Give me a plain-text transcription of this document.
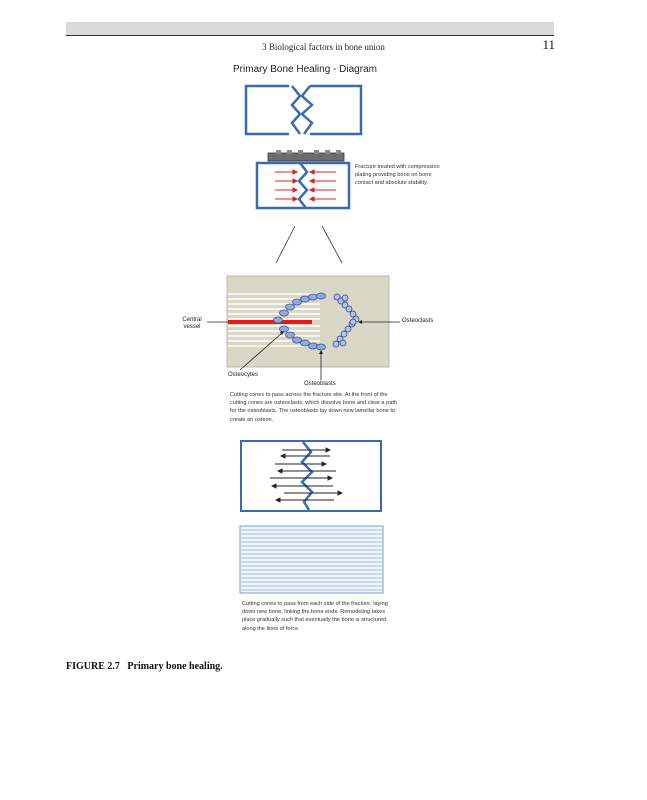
3 Biological factors in bone union	11
Primary Bone Healing - Diagram
Fracture treated with compression plating providing bone on bone contact and absolute stability.
Central vessel
Osteoclasts
Osteocytes
Osteoblasts
Cutting cones to pass across the fracture site. At the front of the cutting cones are osteoclasts, which dissolve bone and clear a path for the osteoblasts. The osteoblasts lay down new lamellar bone to create an osteon.
Cutting cones to pass from each side of the fracture, laying down new bone, linking the bone ends. Remodeling takes place gradually such that eventually the bone is structured along the lines of force.
FIGURE 2.7 Primary bone healing.
